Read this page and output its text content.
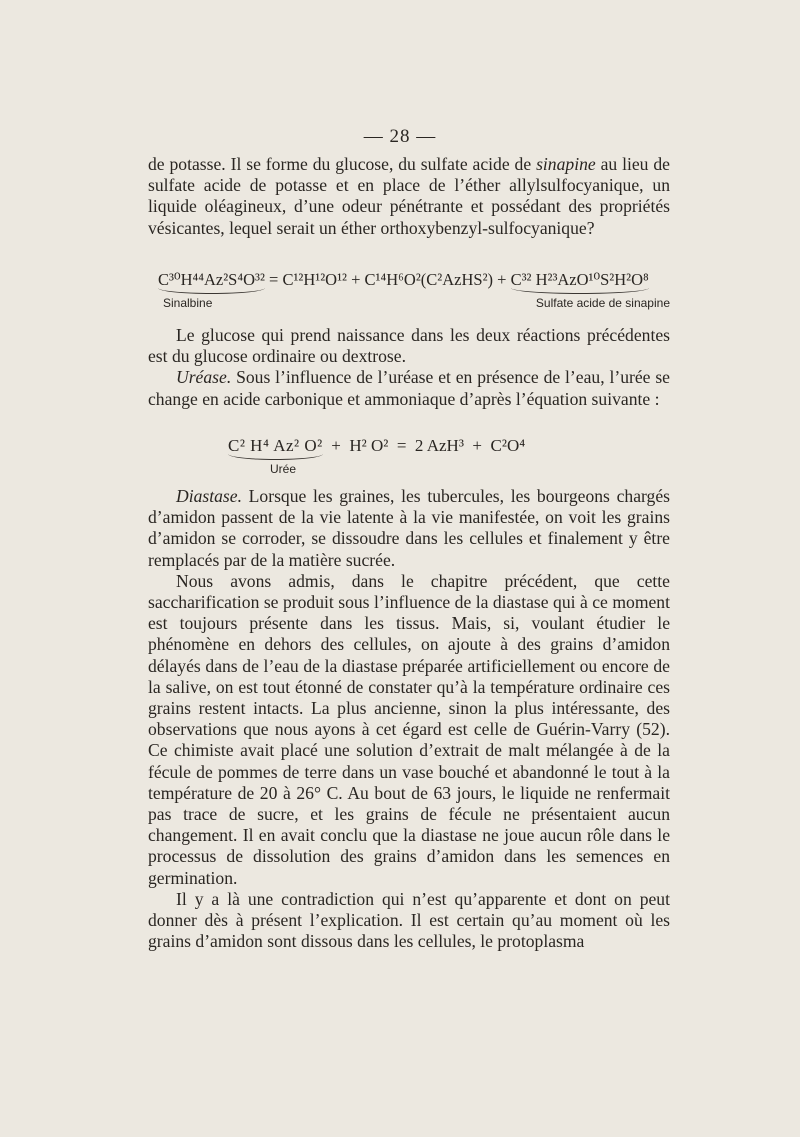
— 28 —

de potasse. Il se forme du glucose, du sulfate acide de sinapine au lieu de sulfate acide de potasse et en place de l’éther allylsulfocyanique, un liquide oléagineux, d’une odeur pénétrante et possédant des propriétés vésicantes, lequel serait un éther orthoxybenzyl-sulfocyanique?

C³⁰H⁴⁴Az²S⁴O³²
= C¹²H¹²O¹² + C¹⁴H⁶O²(C²AzHS²) + C³² H²³AzO¹⁰S²H²O⁸
Sinalbine	Sulfate acide de sinapine

Le glucose qui prend naissance dans les deux réactions précédentes est du glucose ordinaire ou dextrose.

Uréase. Sous l’influence de l’uréase et en présence de l’eau, l’urée se change en acide carbonique et ammoniaque d’après l’équation suivante :

C² H⁴ Az² O²
+  H² O²  =  2 AzH³  +  C²O⁴
Urée

Diastase. Lorsque les graines, les tubercules, les bourgeons chargés d’amidon passent de la vie latente à la vie manifestée, on voit les grains d’amidon se corroder, se dissoudre dans les cellules et finalement y être remplacés par de la matière sucrée.

Nous avons admis, dans le chapitre précédent, que cette saccharification se produit sous l’influence de la diastase qui à ce moment est toujours présente dans les tissus. Mais, si, voulant étudier le phénomène en dehors des cellules, on ajoute à des grains d’amidon délayés dans de l’eau de la diastase préparée artificiellement ou encore de la salive, on est tout étonné de constater qu’à la température ordinaire ces grains restent intacts. La plus ancienne, sinon la plus intéressante, des observations que nous ayons à cet égard est celle de Guérin-Varry (52). Ce chimiste avait placé une solution d’extrait de malt mélangée à de la fécule de pommes de terre dans un vase bouché et abandonné le tout à la température de 20 à 26° C. Au bout de 63 jours, le liquide ne renfermait pas trace de sucre, et les grains de fécule ne présentaient aucun changement. Il en avait conclu que la diastase ne joue aucun rôle dans le processus de dissolution des grains d’amidon dans les semences en germination.

Il y a là une contradiction qui n’est qu’apparente et dont on peut donner dès à présent l’explication. Il est certain qu’au moment où les grains d’amidon sont dissous dans les cellules, le protoplasma
